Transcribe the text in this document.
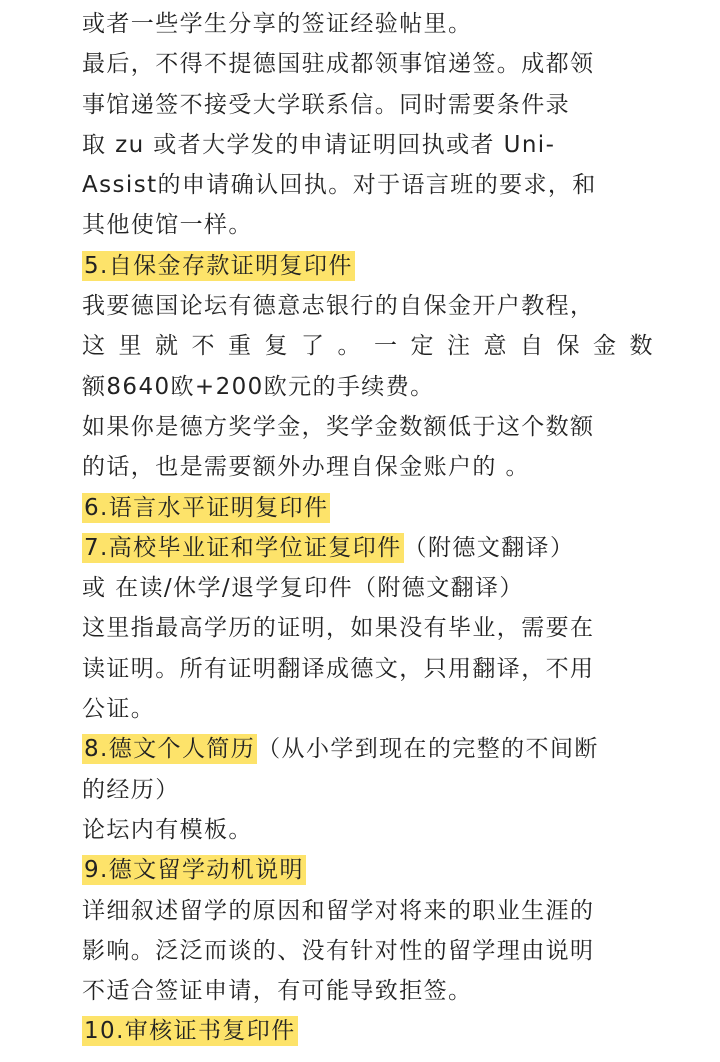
或者一些学生分享的签证经验帖里。
最后，不得不提德国驻成都领事馆递签。成都领
事馆递签不接受大学联系信。同时需要条件录
取 zu 或者大学发的申请证明回执或者 Uni-
Assist的申请确认回执。对于语言班的要求，和
其他使馆一样。
5.自保金存款证明复印件
我要德国论坛有德意志银行的自保金开户教程，
这里就不重复了。一定注意自保金数
额8640欧+200欧元的手续费。
如果你是德方奖学金，奖学金数额低于这个数额
的话，也是需要额外办理自保金账户的 。
6.语言水平证明复印件
7.高校毕业证和学位证复印件（附德文翻译）
或 在读/休学/退学复印件（附德文翻译）
这里指最高学历的证明，如果没有毕业，需要在
读证明。所有证明翻译成德文，只用翻译，不用
公证。
8.德文个人简历（从小学到现在的完整的不间断
的经历）
论坛内有模板。
9.德文留学动机说明
详细叙述留学的原因和留学对将来的职业生涯的
影响。泛泛而谈的、没有针对性的留学理由说明
不适合签证申请，有可能导致拒签。
10.审核证书复印件
